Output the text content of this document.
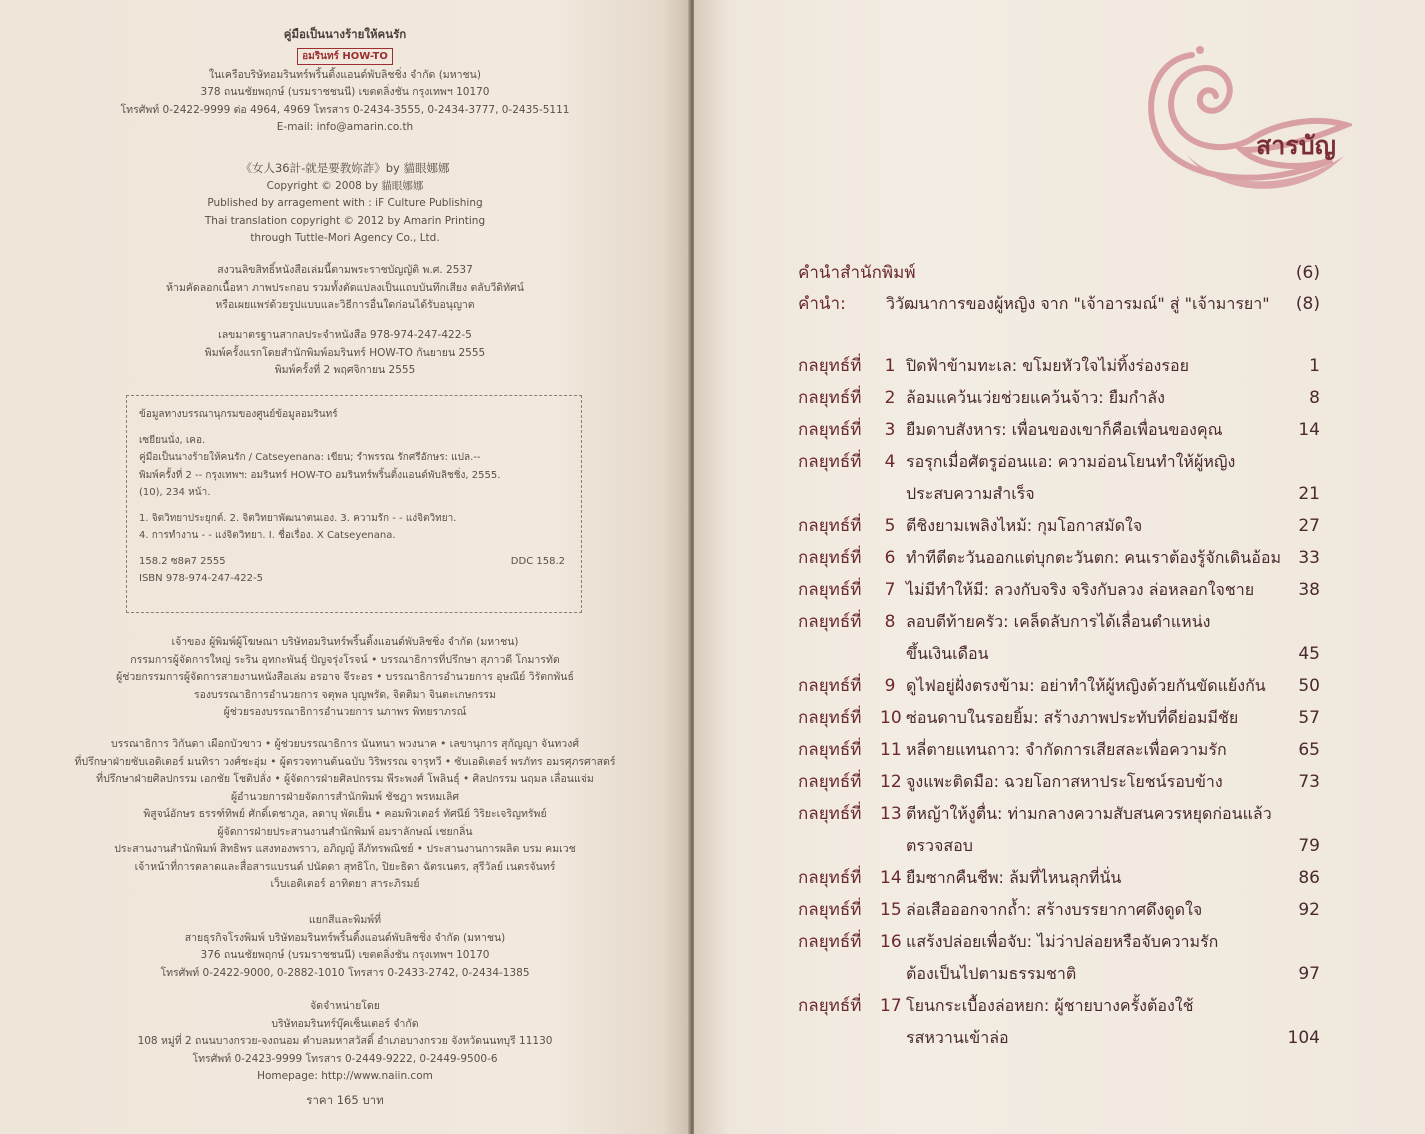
คู่มือเป็นนางร้ายให้คนรัก
อมรินทร์ HOW-TO
ในเครือบริษัทอมรินทร์พริ้นติ้งแอนด์พับลิชชิ่ง จำกัด (มหาชน)
378 ถนนชัยพฤกษ์ (บรมราชชนนี) เขตตลิ่งชัน กรุงเทพฯ 10170
โทรศัพท์ 0-2422-9999 ต่อ 4964, 4969 โทรสาร 0-2434-3555, 0-2434-3777, 0-2435-5111
E-mail: info@amarin.co.th
《女人36計-就是要教妳詐》by 貓眼娜娜
Copyright © 2008 by 貓眼娜娜
Published by arragement with : iF Culture Publishing
Thai translation copyright © 2012 by Amarin Printing
through Tuttle-Mori Agency Co., Ltd.
สงวนลิขสิทธิ์หนังสือเล่มนี้ตามพระราชบัญญัติ พ.ศ. 2537
ห้ามคัดลอกเนื้อหา ภาพประกอบ รวมทั้งตัดแปลงเป็นแถบบันทึกเสียง ตลับวีดิทัศน์
หรือเผยแพร่ด้วยรูปแบบและวิธีการอื่นใดก่อนได้รับอนุญาต
เลขมาตรฐานสากลประจำหนังสือ 978-974-247-422-5
พิมพ์ครั้งแรกโดยสำนักพิมพ์อมรินทร์ HOW-TO กันยายน 2555
พิมพ์ครั้งที่ 2 พฤศจิกายน 2555
ข้อมูลทางบรรณานุกรมของศูนย์ข้อมูลอมรินทร์
เซยียนนั่ง, เคอ.
คู่มือเป็นนางร้ายให้คนรัก / Catseyenana: เขียน; รำพรรณ รักศรีอักษร: แปล.--
พิมพ์ครั้งที่ 2 -- กรุงเทพฯ: อมรินทร์ HOW-TO อมรินทร์พริ้นติ้งแอนด์พับลิชชิ่ง, 2555.
(10), 234 หน้า.
1. จิตวิทยาประยุกต์. 2. จิตวิทยาพัฒนาตนเอง. 3. ความรัก - - แง่จิตวิทยา.
4. การทำงาน - - แง่จิตวิทยา. I. ชื่อเรื่อง. X Catseyenana.
158.2 ซ8ค7 2555	DDC 158.2
ISBN 978-974-247-422-5
เจ้าของ ผู้พิมพ์ผู้โฆษณา บริษัทอมรินทร์พริ้นติ้งแอนด์พับลิชชิ่ง จำกัด (มหาชน)
กรรมการผู้จัดการใหญ่ ระริน อุทกะพันธุ์ ปัญจรุ่งโรจน์ • บรรณาธิการที่ปรึกษา สุภาวดี โกมารทัต
ผู้ช่วยกรรมการผู้จัดการสายงานหนังสือเล่ม อรอาจ จีระอร • บรรณาธิการอำนวยการ อุษณีย์ วิรัตกพันธ์
รองบรรณาธิการอำนวยการ จตุพล บุญพรัด, จิตติมา จินตะเกษกรรม
ผู้ช่วยรองบรรณาธิการอำนวยการ นภาพร พิทยราภรณ์
บรรณาธิการ วิกันดา เผือกบัวขาว • ผู้ช่วยบรรณาธิการ นันทนา พวงนาค • เลขานุการ สุกัญญา จันทวงศ์
ที่ปรึกษาฝ่ายซับเอดิเตอร์ มนทิรา วงศ์ชะอุ่ม • ผู้ตรวจทานต้นฉบับ วิริพรรณ จารุทวี • ซับเอดิเตอร์ พรภัทร อมรศุภรศาสตร์
ที่ปรึกษาฝ่ายศิลปกรรม เอกชัย โชติปลั่ง • ผู้จัดการฝ่ายศิลปกรรม พีระพงศ์ โพลินธุ์ • ศิลปกรรม นฤมล เลื่อนแจ่ม
ผู้อำนวยการฝ่ายจัดการสำนักพิมพ์ ชัชฎา พรหมเลิศ
พิสูจน์อักษร ธรรฑ์ทิพย์ ศักดิ์เดชาภูล, ลดาบุ พัดเย็น • คอมพิวเตอร์ ทัศนีย์ วิริยะเจริญทรัพย์
ผู้จัดการฝ่ายประสานงานสำนักพิมพ์ อมราลักษณ์ เชยกลิ่น
ประสานงานสำนักพิมพ์ สิทธิพร แสงทองพราว, อภิญญ์ ลีภัทรพณิชย์ • ประสานงานการผลิต บรม คมเวช
เจ้าหน้าที่การตลาดและสื่อสารแบรนด์ ปนัดดา สุทธิโก, ปิยะธิดา ฉัตรเนตร, สุรีวัลย์ เนตรจันทร์
เว็บเอดิเตอร์ อาทิตยา สาระภิรมย์
แยกสีและพิมพ์ที่
สายธุรกิจโรงพิมพ์ บริษัทอมรินทร์พริ้นติ้งแอนด์พับลิชชิ่ง จำกัด (มหาชน)
376 ถนนชัยพฤกษ์ (บรมราชชนนี) เขตตลิ่งชัน กรุงเทพฯ 10170
โทรศัพท์ 0-2422-9000, 0-2882-1010 โทรสาร 0-2433-2742, 0-2434-1385
จัดจำหน่ายโดย
บริษัทอมรินทร์บุ๊คเซ็นเตอร์ จำกัด
108 หมู่ที่ 2 ถนนบางกรวย-จงถนอม ตำบลมหาสวัสดิ์ อำเภอบางกรวย จังหวัดนนทบุรี 11130
โทรศัพท์ 0-2423-9999 โทรสาร 0-2449-9222, 0-2449-9500-6
Homepage: http://www.naiin.com
ราคา 165 บาท
สารบัญ
คำนำสำนักพิมพ์	(6)
คำนำ:	วิวัฒนาการของผู้หญิง จาก "เจ้าอารมณ์" สู่ "เจ้ามารยา" (8)
กลยุทธ์ที่ 1 ปิดฟ้าข้ามทะเล: ขโมยหัวใจไม่ทิ้งร่องรอย	1
กลยุทธ์ที่ 2 ล้อมแคว้นเว่ยช่วยแคว้นจ้าว: ยืมกำลัง	8
กลยุทธ์ที่ 3 ยืมดาบสังหาร: เพื่อนของเขาก็คือเพื่อนของคุณ	14
กลยุทธ์ที่ 4 รอรุกเมื่อศัตรูอ่อนแอ: ความอ่อนโยนทำให้ผู้หญิง
ประสบความสำเร็จ	21
กลยุทธ์ที่ 5 ตีชิงยามเพลิงไหม้: กุมโอกาสมัดใจ	27
กลยุทธ์ที่ 6 ทำทีตีตะวันออกแต่บุกตะวันตก: คนเราต้องรู้จักเดินอ้อม 33
กลยุทธ์ที่ 7 ไม่มีทำให้มี: ลวงกับจริง จริงกับลวง ล่อหลอกใจชาย	38
กลยุทธ์ที่ 8 ลอบตีท้ายครัว: เคล็ดลับการได้เลื่อนตำแหน่ง
ขึ้นเงินเดือน	45
กลยุทธ์ที่ 9 ดูไฟอยู่ฝั่งตรงข้าม: อย่าทำให้ผู้หญิงด้วยกันขัดแย้งกัน 50
กลยุทธ์ที่ 10 ซ่อนดาบในรอยยิ้ม: สร้างภาพประทับที่ดีย่อมมีชัย	57
กลยุทธ์ที่ 11 หลี่ตายแทนถาว: จำกัดการเสียสละเพื่อความรัก	65
กลยุทธ์ที่ 12 จูงแพะติดมือ: ฉวยโอกาสหาประโยชน์รอบข้าง	73
กลยุทธ์ที่ 13 ตีหญ้าให้งูตื่น: ท่ามกลางความสับสนควรหยุดก่อนแล้ว
ตรวจสอบ	79
กลยุทธ์ที่ 14 ยืมซากคืนชีพ: ล้มที่ไหนลุกที่นั่น	86
กลยุทธ์ที่ 15 ล่อเสือออกจากถ้ำ: สร้างบรรยากาศดึงดูดใจ	92
กลยุทธ์ที่ 16 แสร้งปล่อยเพื่อจับ: ไม่ว่าปล่อยหรือจับความรัก
ต้องเป็นไปตามธรรมชาติ	97
กลยุทธ์ที่ 17 โยนกระเบื้องล่อหยก: ผู้ชายบางครั้งต้องใช้
รสหวานเข้าล่อ	104
